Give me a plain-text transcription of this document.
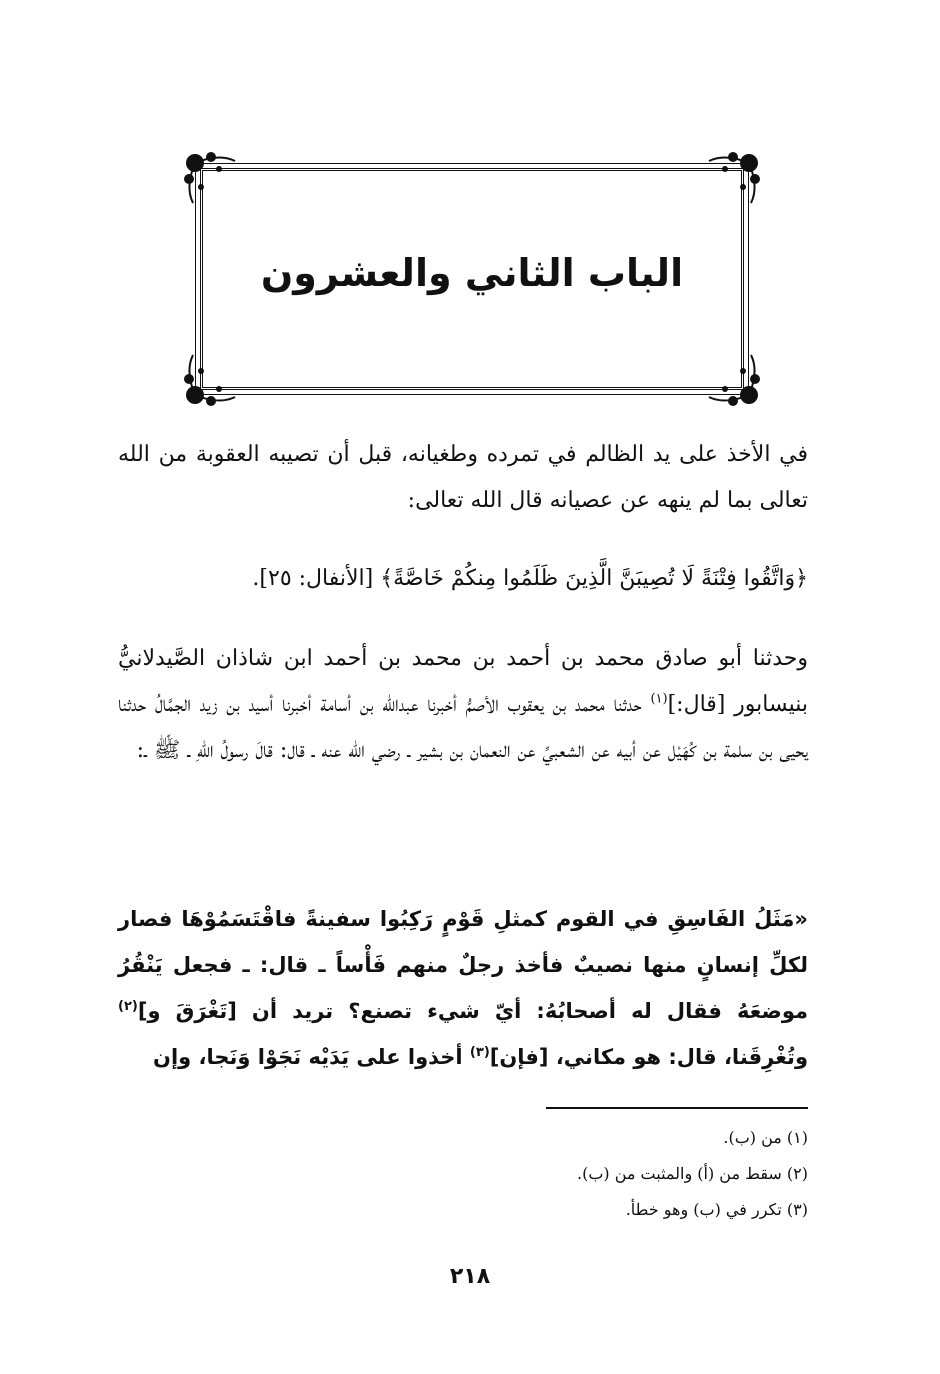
الباب الثاني والعشرون

في الأخذ على يد الظالم في تمرده وطغيانه، قبل أن تصيبه العقوبة من الله تعالى بما لم ينهه عن عصيانه قال الله تعالى:

﴿وَاتَّقُوا فِتْنَةً لَا تُصِيبَنَّ الَّذِينَ ظَلَمُوا مِنكُمْ خَاصَّةً﴾ [الأنفال: ٢٥].

وحدثنا أبو صادق محمد بن أحمد بن محمد بن أحمد ابن شاذان الصَّيدلانيُّ بنيسابور [قال:]$^{(١)}$ حدثنا محمد بن يعقوب الأصمُّ أخبرنا عبدالله بن أسامة أخبرنا أسيد بن زيد الجمَّالُ حدثنا يحيى بن سلمة بن كُهَيْل عن أبيه عن الشعبيِّ عن النعمان بن بشير ـ رضي الله عنه ـ قال: قالَ رسولُ اللّهِ ـ ﷺ ـ:

«مَثَلُ الفَاسِقِ في القوم كمثلِ قَوْمٍ رَكِبُوا سفينةً فاقْتَسَمُوْهَا فصار لكلِّ إنسانٍ منها نصيبٌ فأخذ رجلٌ منهم فَأْساً ـ قال: ـ فجعل يَنْقُرُ موضعَهُ فقال له أصحابُهُ: أيّ شيء تصنع؟ تريد أن [تَغْرَقَ و]$^{(٢)}$ وتُغْرِقَنا، قال: هو مكاني، [فإن]$^{(٣)}$ أخذوا على يَدَيْه نَجَوْا وَنَجا، وإن

(١) من (ب).
(٢) سقط من (أ) والمثبت من (ب).
(٣) تكرر في (ب) وهو خطأ.
٢١٨
